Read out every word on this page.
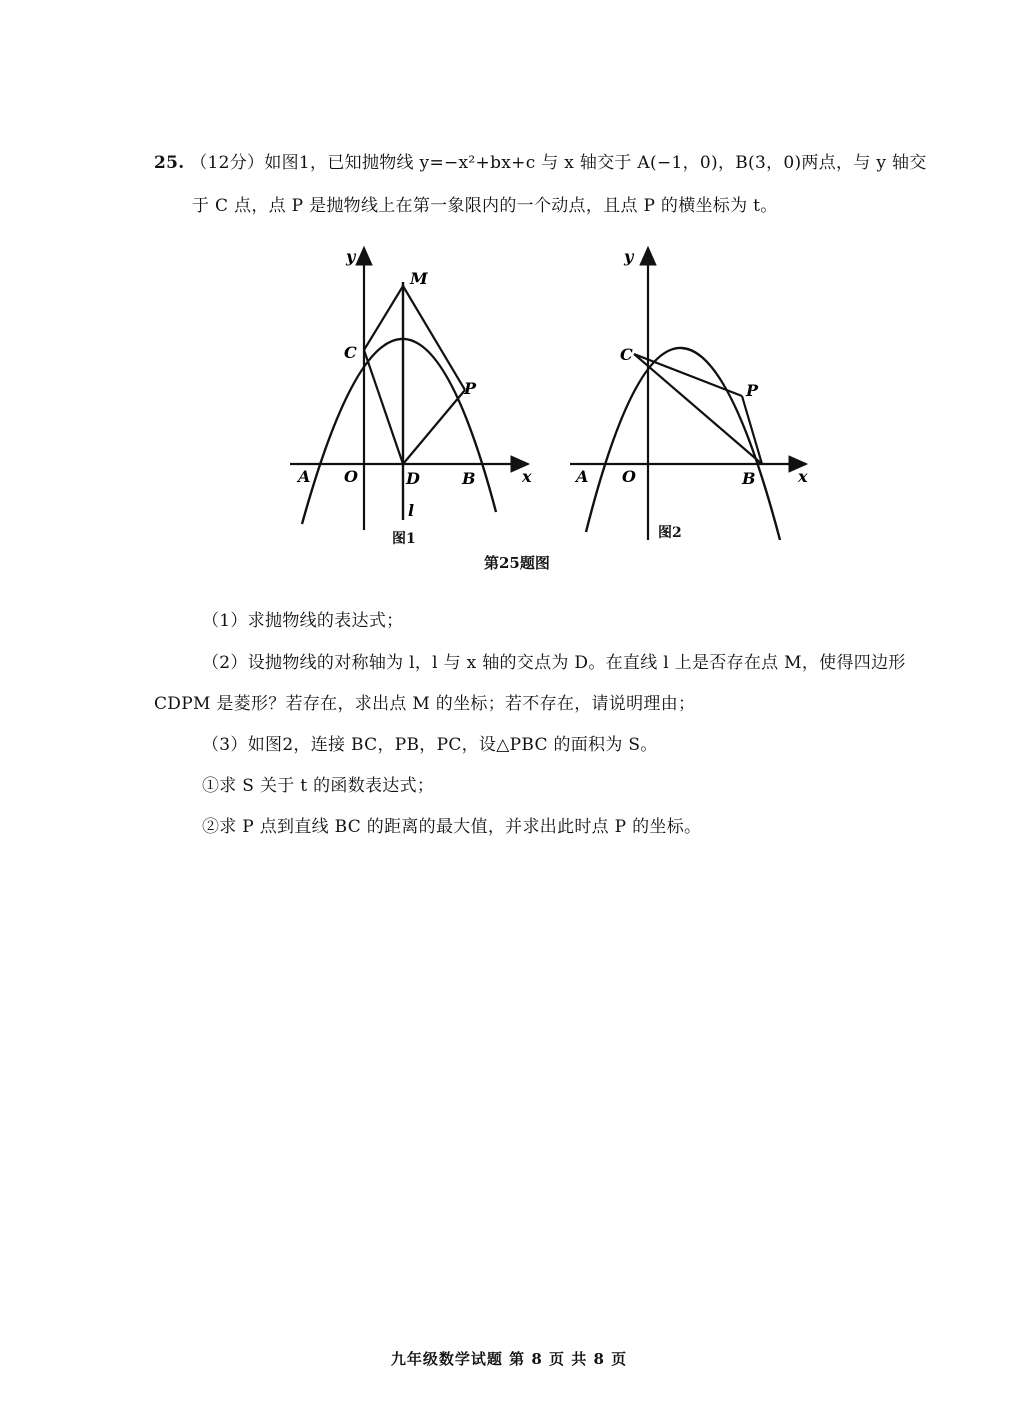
25. （12分）如图1，已知抛物线 y=−x²+bx+c 与 x 轴交于 A(−1，0)，B(3，0)两点，与 y 轴交
于 C 点，点 P 是抛物线上在第一象限内的一个动点，且点 P 的横坐标为 t。
y
M
C
P
A O	D	B	x
l
图1
y
C
P
A O	B	x
图2
第25题图
（1）求抛物线的表达式；
（2）设抛物线的对称轴为 l，l 与 x 轴的交点为 D。在直线 l 上是否存在点 M，使得四边形
CDPM 是菱形？若存在，求出点 M 的坐标；若不存在，请说明理由；
（3）如图2，连接 BC，PB，PC，设△PBC 的面积为 S。
①求 S 关于 t 的函数表达式；
②求 P 点到直线 BC 的距离的最大值，并求出此时点 P 的坐标。
九年级数学试题 第 8 页 共 8 页
